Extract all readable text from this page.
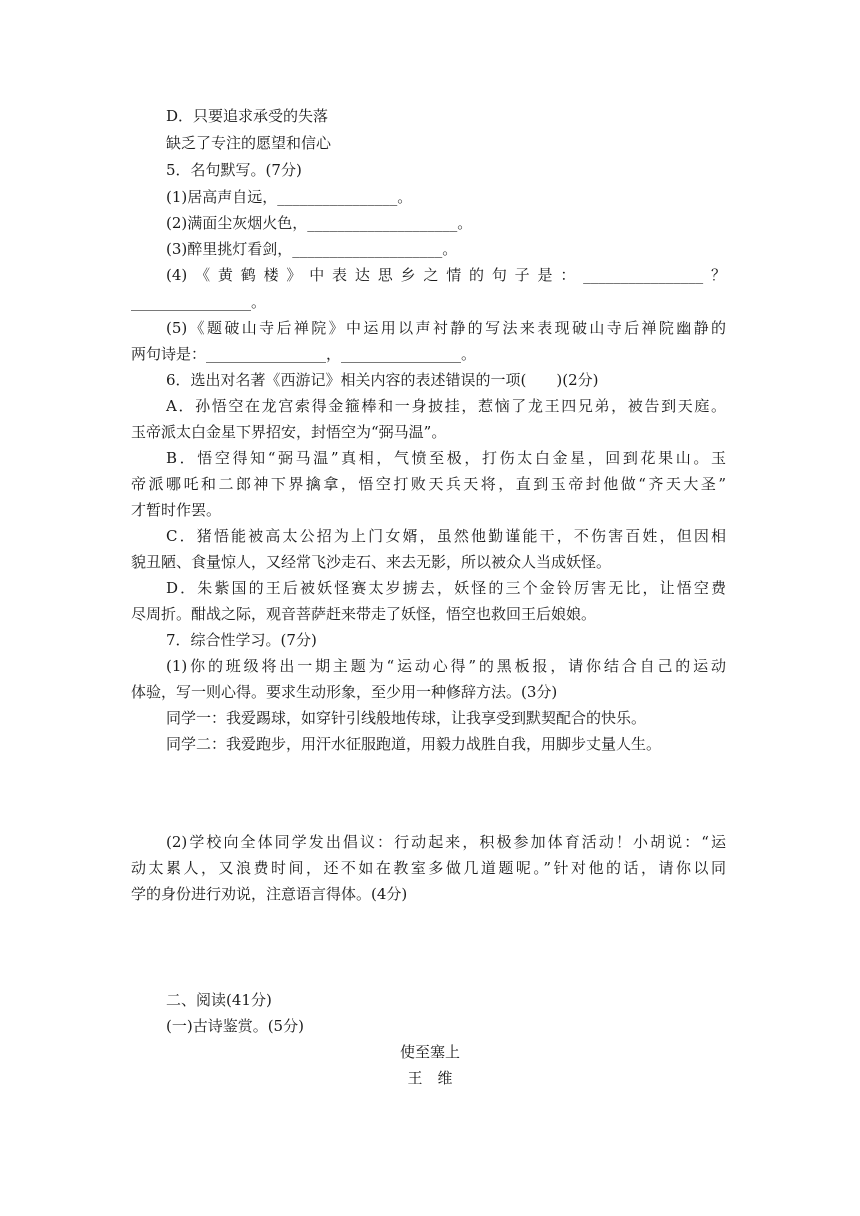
D．只要追求承受的失落
缺乏了专注的愿望和信心
5．名句默写。(7分)
(1)居高声自远，________________。
(2)满面尘灰烟火色，____________________。
(3)醉里挑灯看剑，____________________。
(4)《黄鹤楼》中表达思乡之情的句子是：________________？
________________。
(5)《题破山寺后禅院》中运用以声衬静的写法来表现破山寺后禅院幽静的
两句诗是：________________，________________。
6．选出对名著《西游记》相关内容的表述错误的一项(　　)(2分)
A．孙悟空在龙宫索得金箍棒和一身披挂，惹恼了龙王四兄弟，被告到天庭。
玉帝派太白金星下界招安，封悟空为“弼马温”。
B．悟空得知“弼马温”真相，气愤至极，打伤太白金星，回到花果山。玉
帝派哪吒和二郎神下界擒拿，悟空打败天兵天将，直到玉帝封他做“齐天大圣”
才暂时作罢。
C．猪悟能被高太公招为上门女婿，虽然他勤谨能干，不伤害百姓，但因相
貌丑陋、食量惊人，又经常飞沙走石、来去无影，所以被众人当成妖怪。
D．朱紫国的王后被妖怪赛太岁掳去，妖怪的三个金铃厉害无比，让悟空费
尽周折。酣战之际，观音菩萨赶来带走了妖怪，悟空也救回王后娘娘。
7．综合性学习。(7分)
(1)你的班级将出一期主题为“运动心得”的黑板报，请你结合自己的运动
体验，写一则心得。要求生动形象，至少用一种修辞方法。(3分)
同学一：我爱踢球，如穿针引线般地传球，让我享受到默契配合的快乐。
同学二：我爱跑步，用汗水征服跑道，用毅力战胜自我，用脚步丈量人生。
(2)学校向全体同学发出倡议：行动起来，积极参加体育活动！小胡说：“运
动太累人，又浪费时间，还不如在教室多做几道题呢。”针对他的话，请你以同
学的身份进行劝说，注意语言得体。(4分)
二、阅读(41分)
(一)古诗鉴赏。(5分)
使至塞上
王　维
